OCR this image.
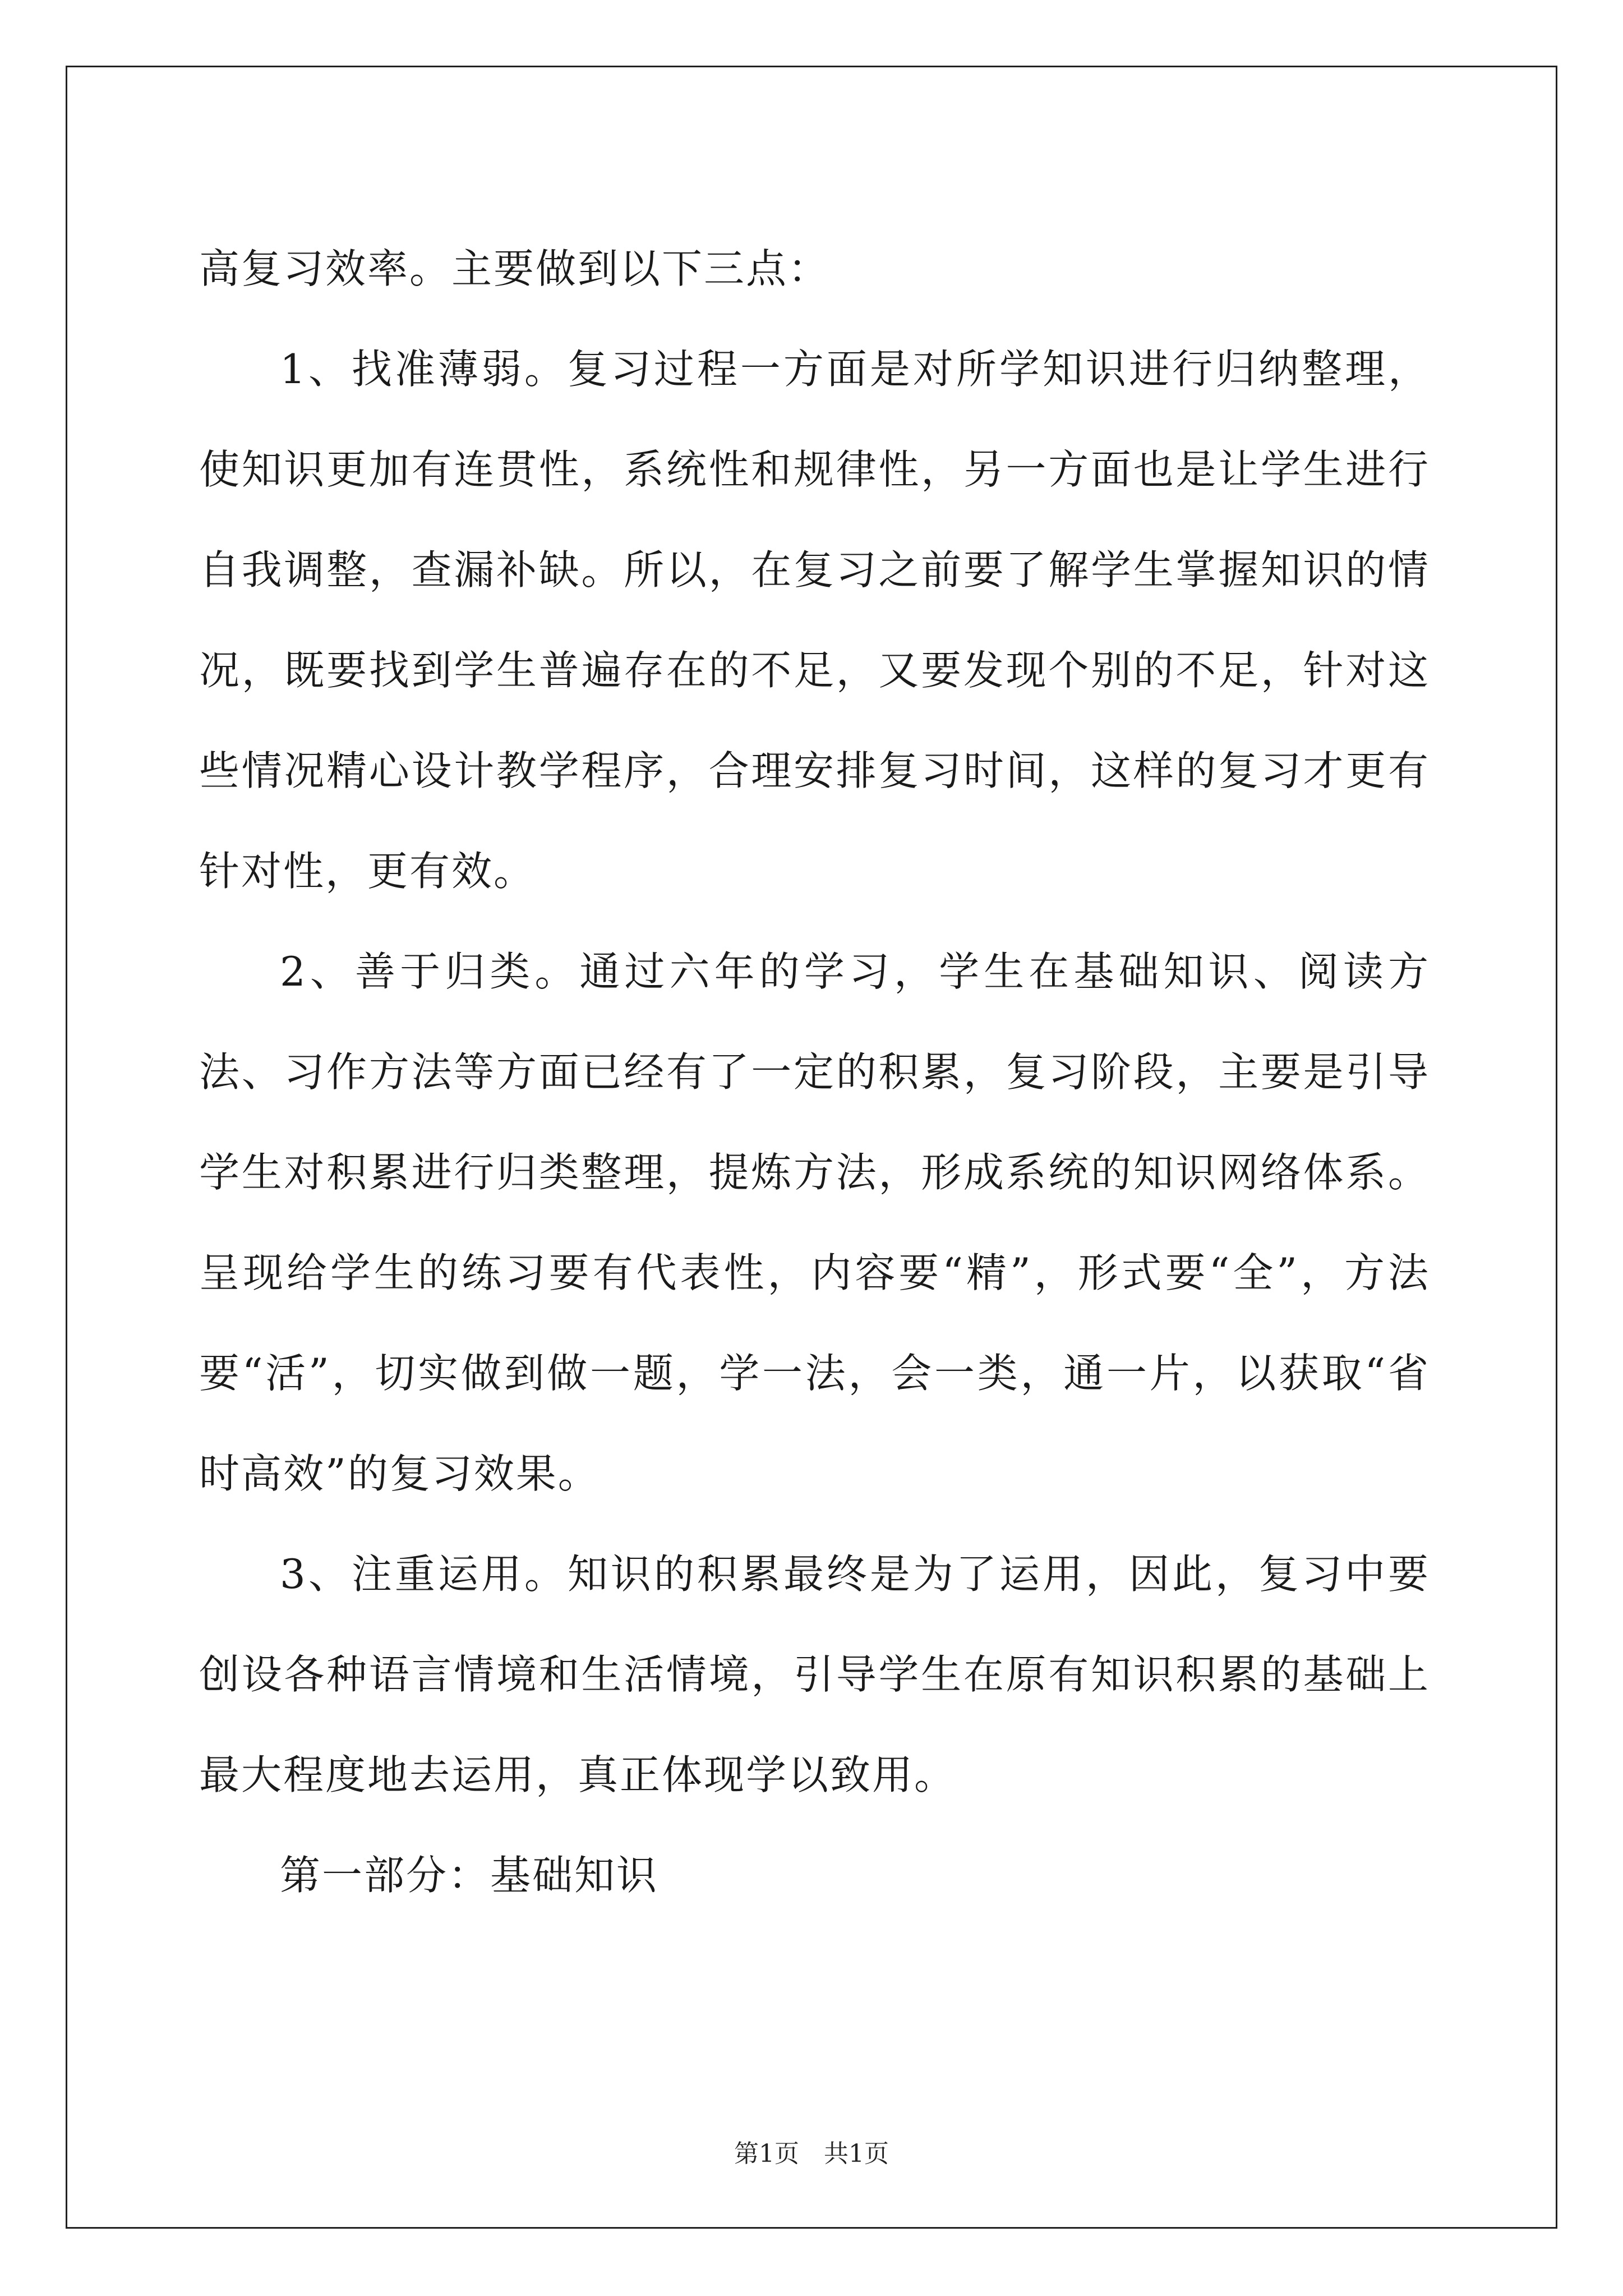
高复习效率。主要做到以下三点：

1、找准薄弱。复习过程一方面是对所学知识进行归纳整理，使知识更加有连贯性，系统性和规律性，另一方面也是让学生进行自我调整，查漏补缺。所以，在复习之前要了解学生掌握知识的情况，既要找到学生普遍存在的不足，又要发现个别的不足，针对这些情况精心设计教学程序，合理安排复习时间，这样的复习才更有针对性，更有效。

2、善于归类。通过六年的学习，学生在基础知识、阅读方法、习作方法等方面已经有了一定的积累，复习阶段，主要是引导学生对积累进行归类整理，提炼方法，形成系统的知识网络体系。呈现给学生的练习要有代表性，内容要“精”，形式要“全”，方法要“活”，切实做到做一题，学一法，会一类，通一片，以获取“省时高效”的复习效果。

3、注重运用。知识的积累最终是为了运用，因此，复习中要创设各种语言情境和生活情境，引导学生在原有知识积累的基础上最大程度地去运用，真正体现学以致用。

第一部分：基础知识

第1页　共1页
